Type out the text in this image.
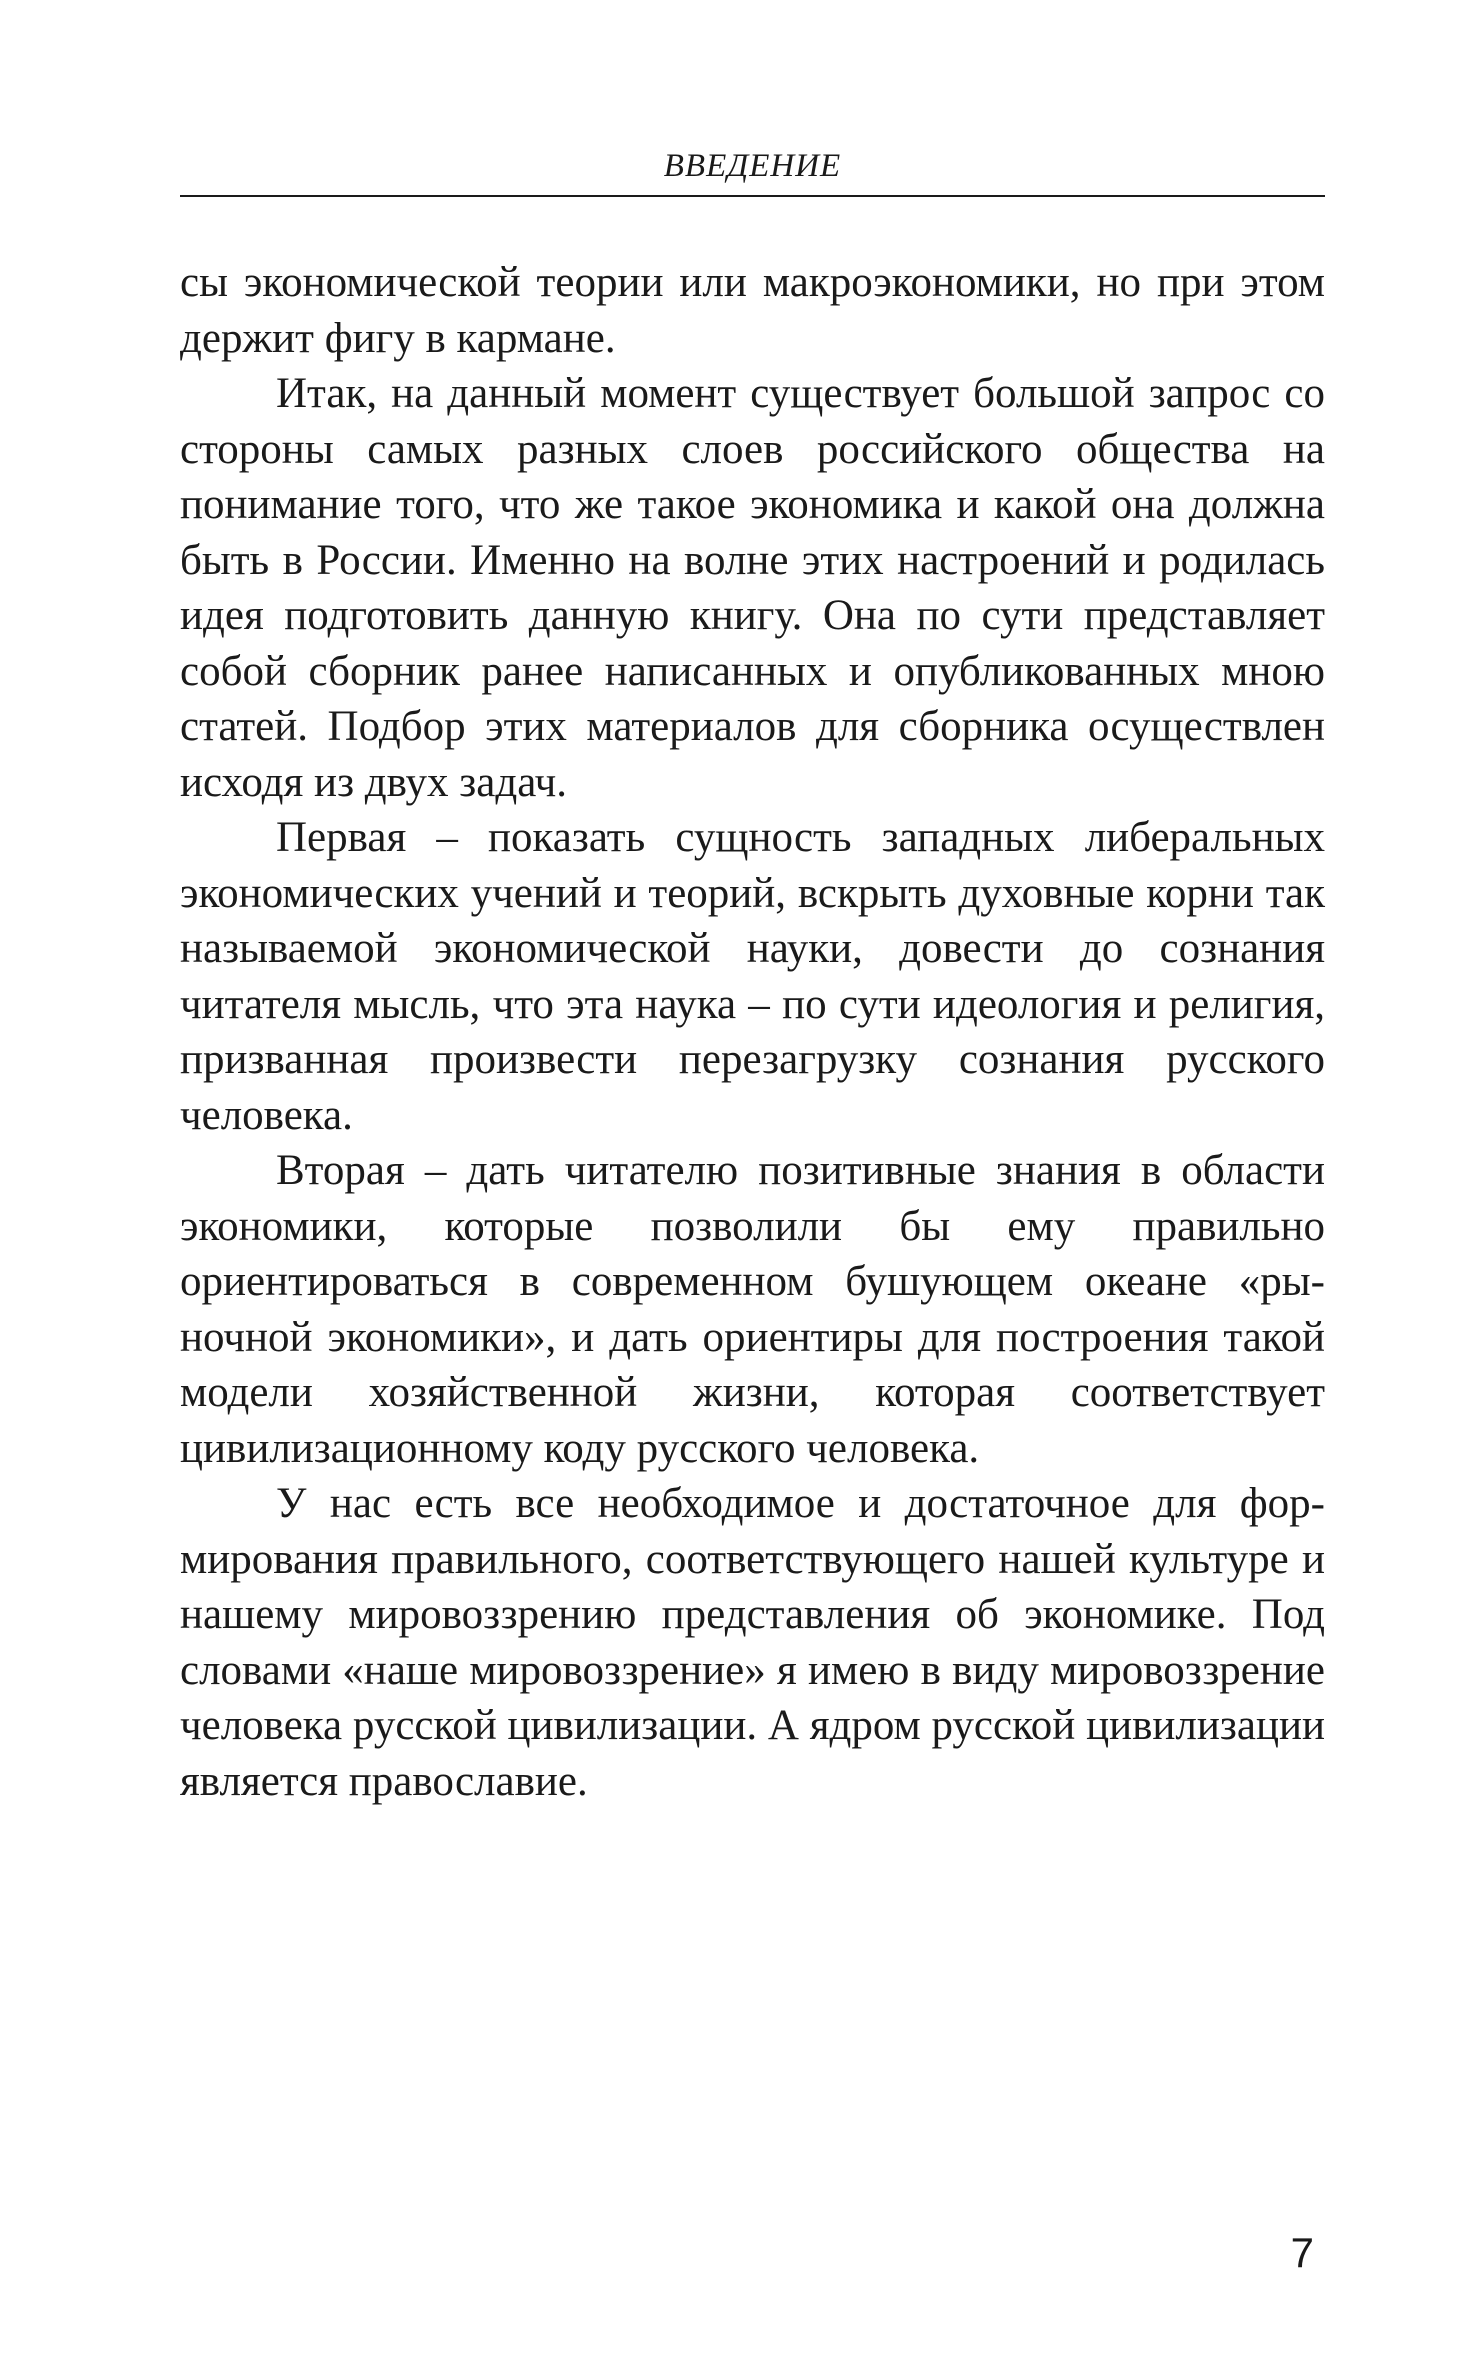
ВВЕДЕНИЕ

сы экономической теории или макроэкономики, но при этом держит фигу в кармане.

Итак, на данный момент существует большой запрос со стороны самых разных слоев российского общества на понимание того, что же такое экономика и какой она должна быть в России. Именно на волне этих настроений и родилась идея подготовить данную книгу. Она по сути представляет собой сборник ранее написанных и опубликованных мною статей. Подбор этих материалов для сборника осуществлен исходя из двух задач.

Первая – показать сущность западных либеральных экономических учений и теорий, вскрыть духовные корни так называемой экономической науки, довести до сознания читателя мысль, что эта наука – по сути идеология и религия, призванная произвести перезагрузку сознания русского человека.

Вторая – дать читателю позитивные знания в области экономики, которые позволили бы ему правильно ориентироваться в современном бушующем океане «рыночной экономики», и дать ориентиры для построения такой модели хозяйственной жизни, которая соответствует цивилизационному коду русского человека.

У нас есть все необходимое и достаточное для формирования правильного, соответствующего нашей культуре и нашему мировоззрению представления об экономике. Под словами «наше мировоззрение» я имею в виду мировоззрение человека русской цивилизации. А ядром русской цивилизации является православие.

7
